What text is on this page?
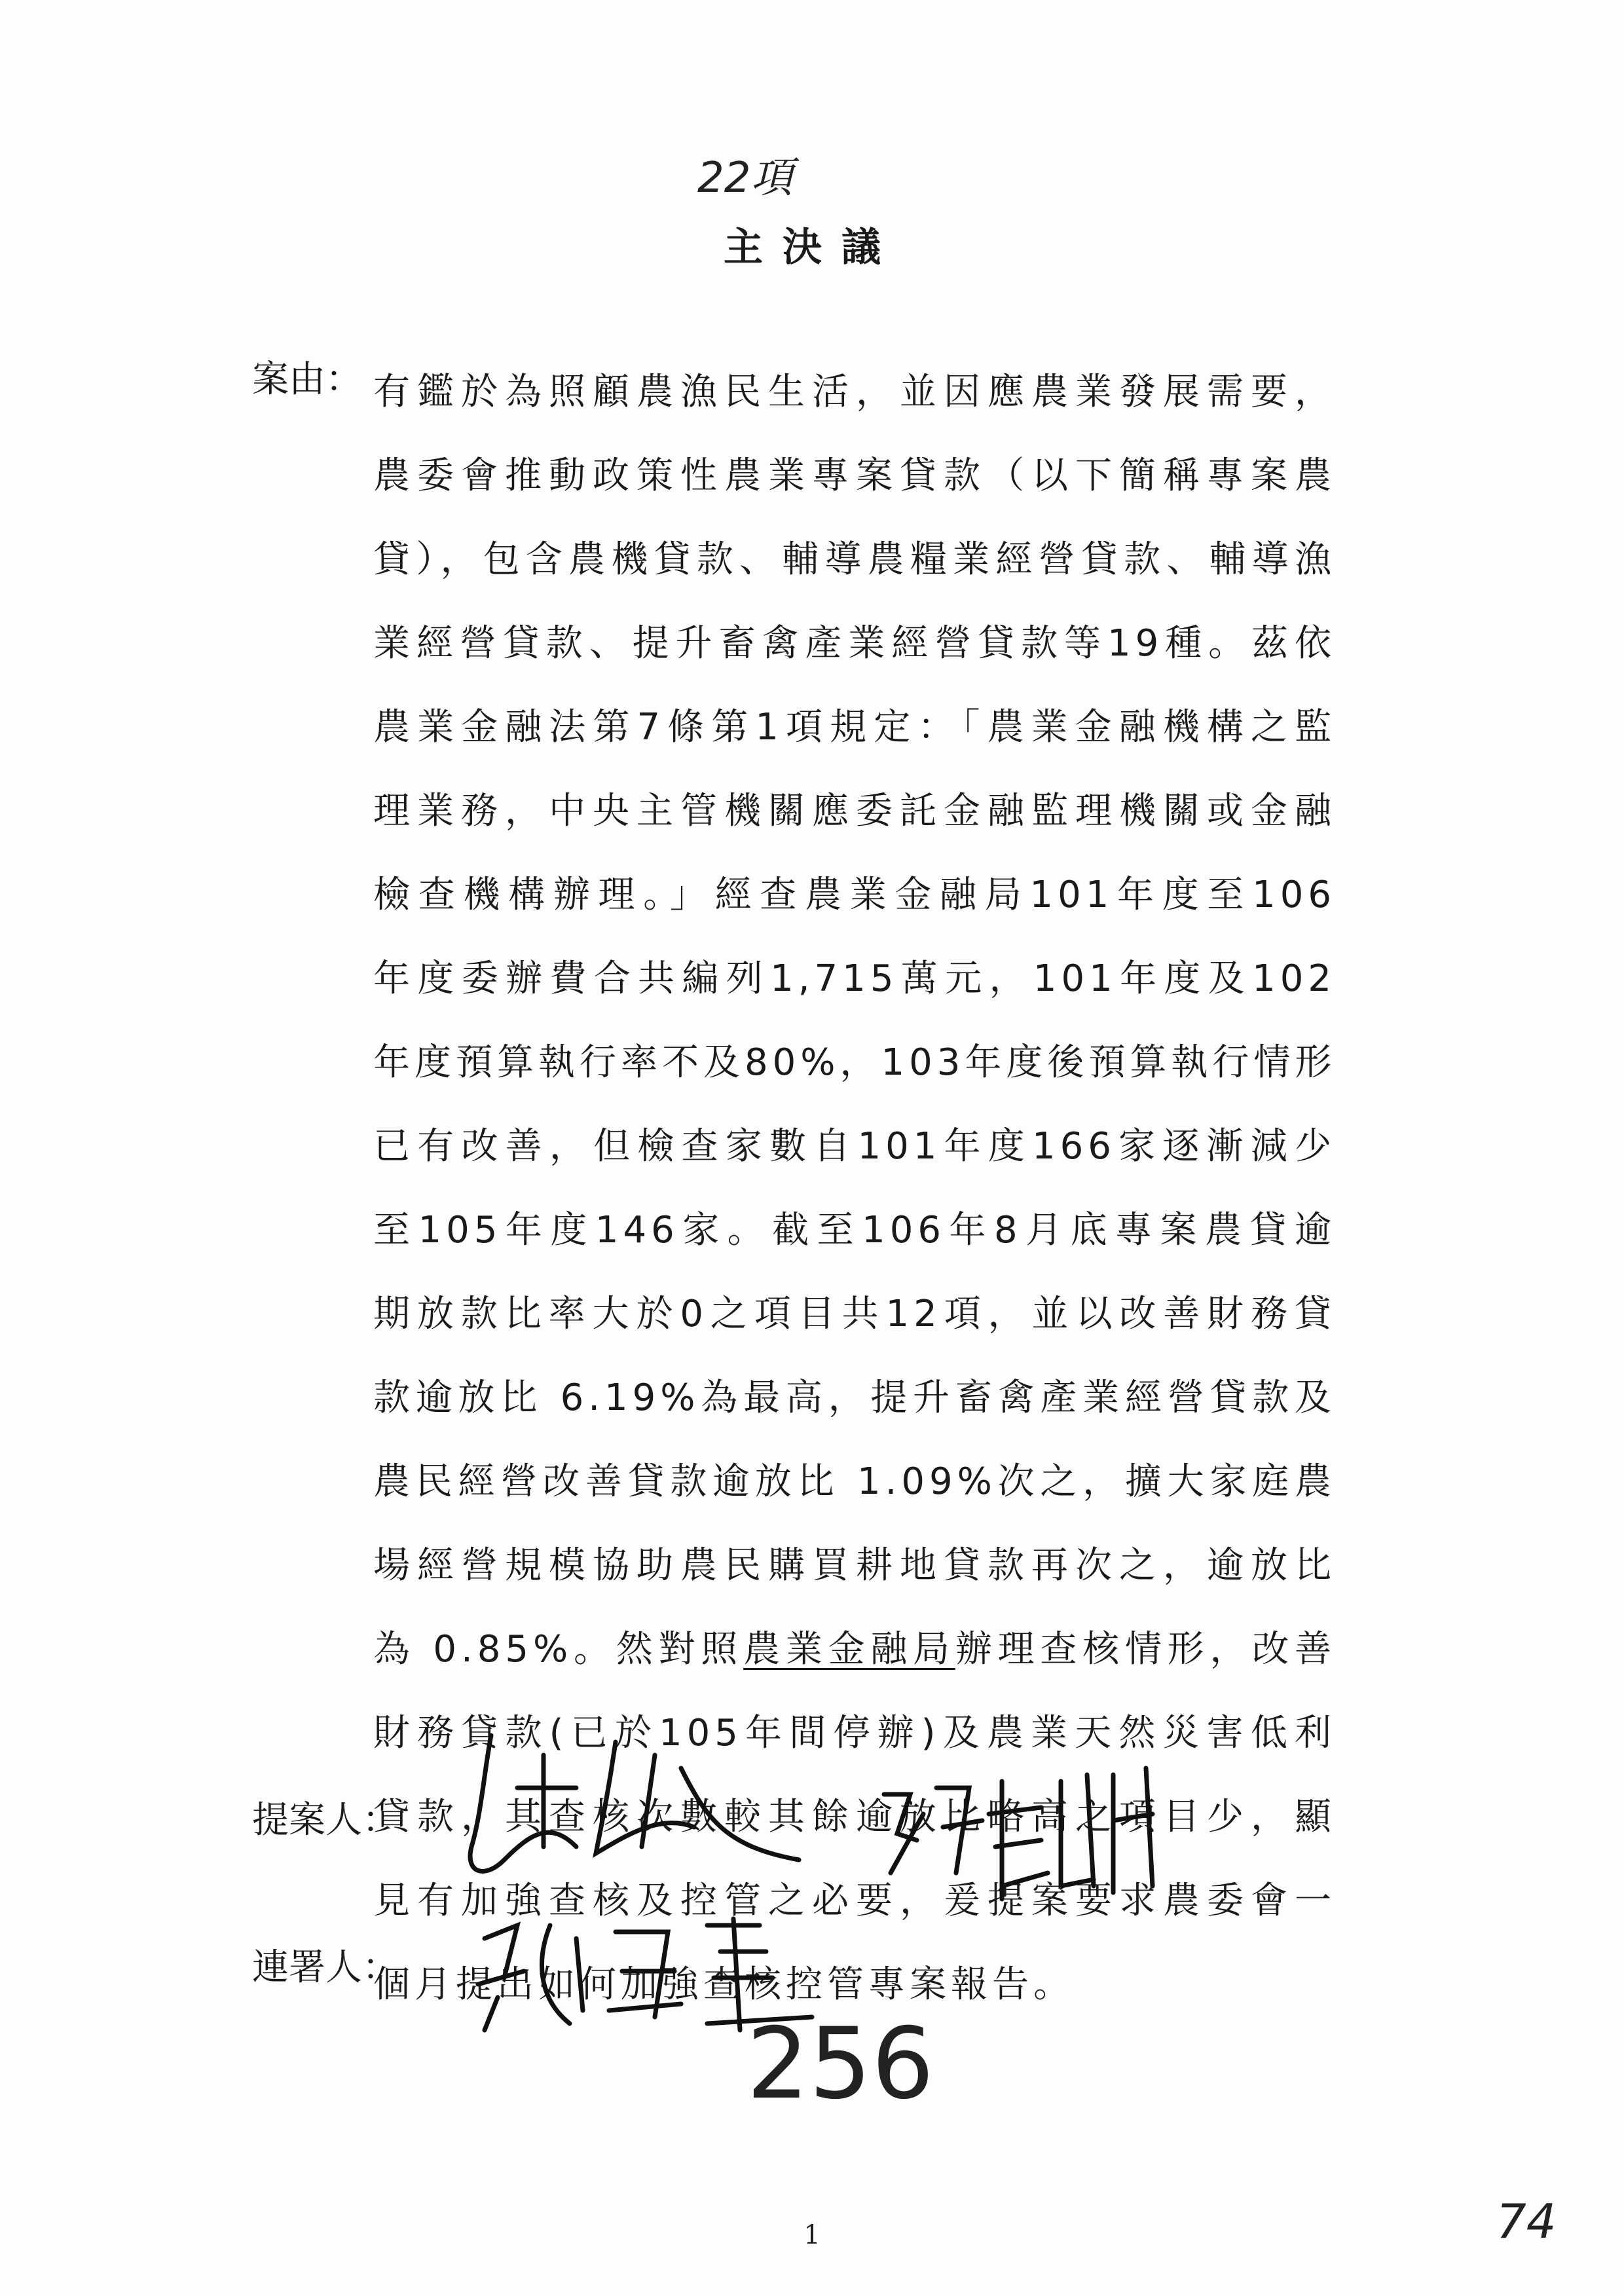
22項
主決議
案由： 有鑑於為照顧農漁民生活，並因應農業發展需要，
農委會推動政策性農業專案貸款（以下簡稱專案農
貸），包含農機貸款、輔導農糧業經營貸款、輔導漁
業經營貸款、提升畜禽產業經營貸款等19種。茲依
農業金融法第7條第1項規定：「農業金融機構之監
理業務，中央主管機關應委託金融監理機關或金融
檢查機構辦理。」經查農業金融局101年度至106
年度委辦費合共編列1,715萬元，101年度及102
年度預算執行率不及80%，103年度後預算執行情形
已有改善，但檢查家數自101年度166家逐漸減少
至105年度146家。截至106年8月底專案農貸逾
期放款比率大於0之項目共12項，並以改善財務貸
款逾放比 6.19%為最高，提升畜禽產業經營貸款及
農民經營改善貸款逾放比 1.09%次之，擴大家庭農
場經營規模協助農民購買耕地貸款再次之，逾放比
為 0.85%。然對照農業金融局辦理查核情形，改善
財務貸款(已於105年間停辦)及農業天然災害低利
貸款，其查核次數較其餘逾放比略高之項目少，顯
見有加強查核及控管之必要，爰提案要求農委會一
個月提出如何加強查核控管專案報告。
提案人：
連署人：
256
74
1
